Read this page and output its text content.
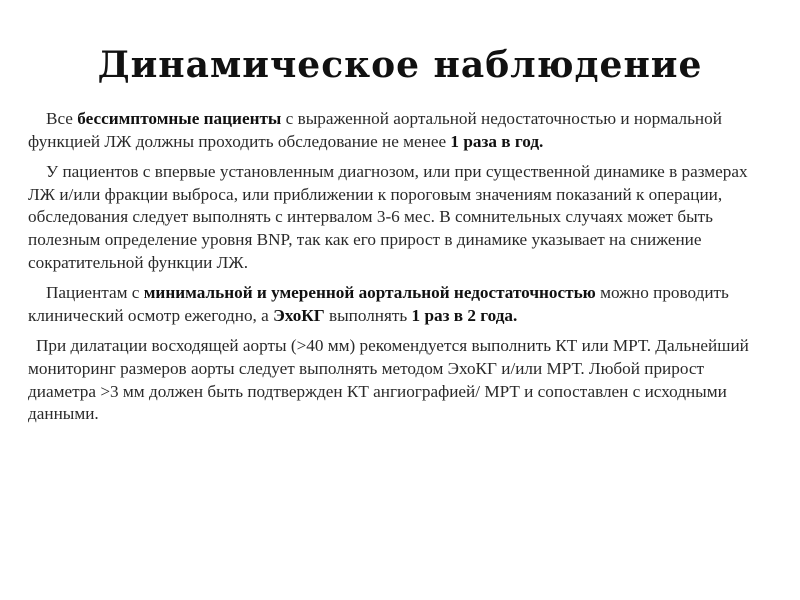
Динамическое наблюдение

Все бессимптомные пациенты с выраженной аортальной недостаточностью и нормальной функцией ЛЖ должны проходить обследование не менее 1 раза в год.

У пациентов с впервые установленным диагнозом, или при существенной динамике в размерах ЛЖ и/или фракции выброса, или приближении к пороговым значениям показаний к операции, обследования следует выполнять с интервалом 3-6 мес. В сомнительных случаях может быть полезным определение уровня BNP, так как его прирост в динамике указывает на снижение сократительной функции ЛЖ.

Пациентам с минимальной и умеренной аортальной недостаточностью можно проводить клинический осмотр ежегодно, а ЭхоКГ выполнять 1 раз в 2 года.

При дилатации восходящей аорты (>40 мм) рекомендуется выполнить КТ или МРТ. Дальнейший мониторинг размеров аорты следует выполнять методом ЭхоКГ и/или МРТ. Любой прирост диаметра >3 мм должен быть подтвержден КТ ангиографией/ МРТ и сопоставлен с исходными данными.
